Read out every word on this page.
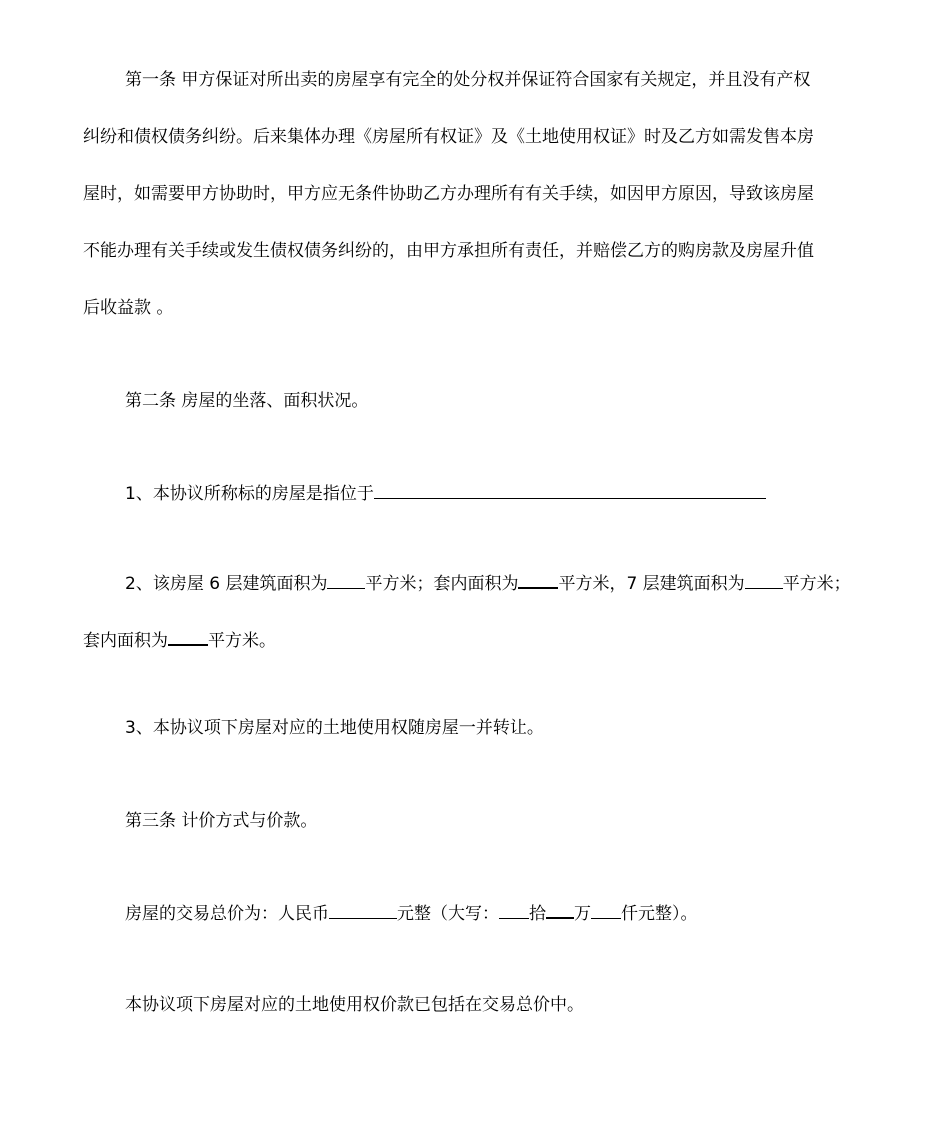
第一条 甲方保证对所出卖的房屋享有完全的处分权并保证符合国家有关规定，并且没有产权
纠纷和债权债务纠纷。后来集体办理《房屋所有权证》及《土地使用权证》时及乙方如需发售本房
屋时，如需要甲方协助时，甲方应无条件协助乙方办理所有有关手续，如因甲方原因，导致该房屋
不能办理有关手续或发生债权债务纠纷的，由甲方承担所有责任，并赔偿乙方的购房款及房屋升值
后收益款 。
第二条 房屋的坐落、面积状况。
1、本协议所称标的房屋是指位于
2、该房屋 6 层建筑面积为 平方米；套内面积为 平方米，7 层建筑面积为 平方米；
套内面积为 平方米。
3、本协议项下房屋对应的土地使用权随房屋一并转让。
第三条 计价方式与价款。
房屋的交易总价为：人民币	元整（大写： 拾 万 仟元整）。
本协议项下房屋对应的土地使用权价款已包括在交易总价中。
